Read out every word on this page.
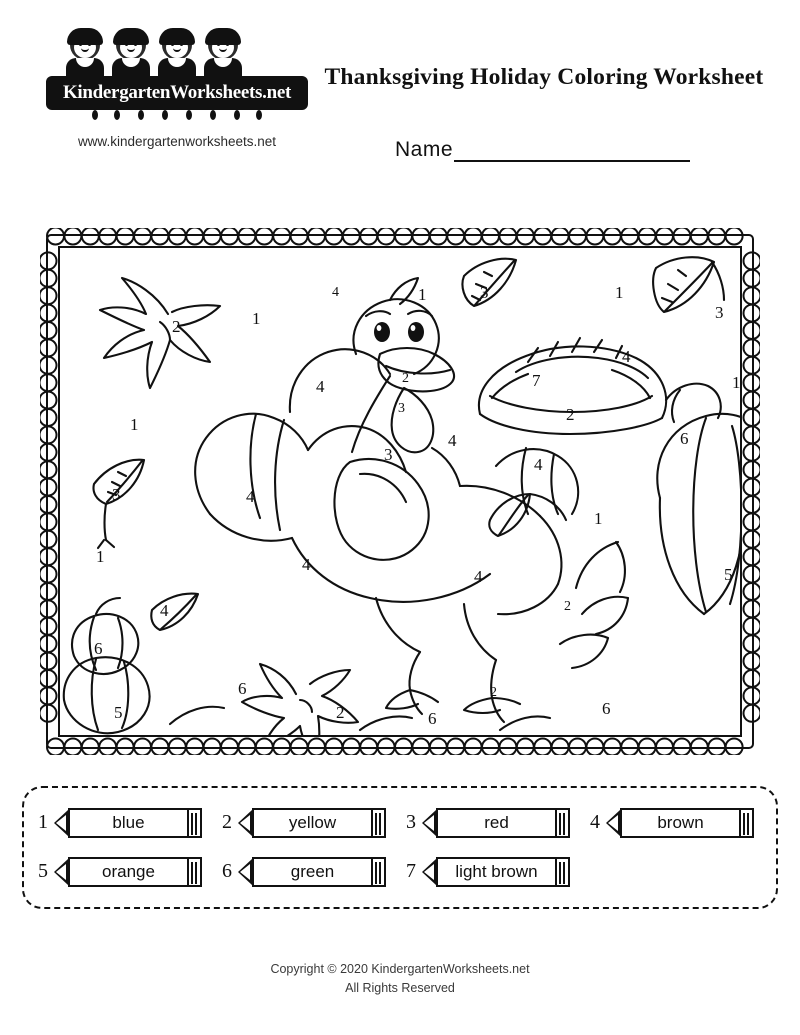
KindergartenWorksheets.net
www.kindergartenworksheets.net
Thanksgiving Holiday Coloring Worksheet
Name
4	1	3	1
3
2	1
4
1
7
4	2
3	2
1
4	6
3
4
3	4
1
1	4
5
4
4	2
6
6
2
5	6
2
6
1	blue	2	yellow	3	red	4	brown
5	orange	6	green	7	light brown
Copyright © 2020 KindergartenWorksheets.net
All Rights Reserved
